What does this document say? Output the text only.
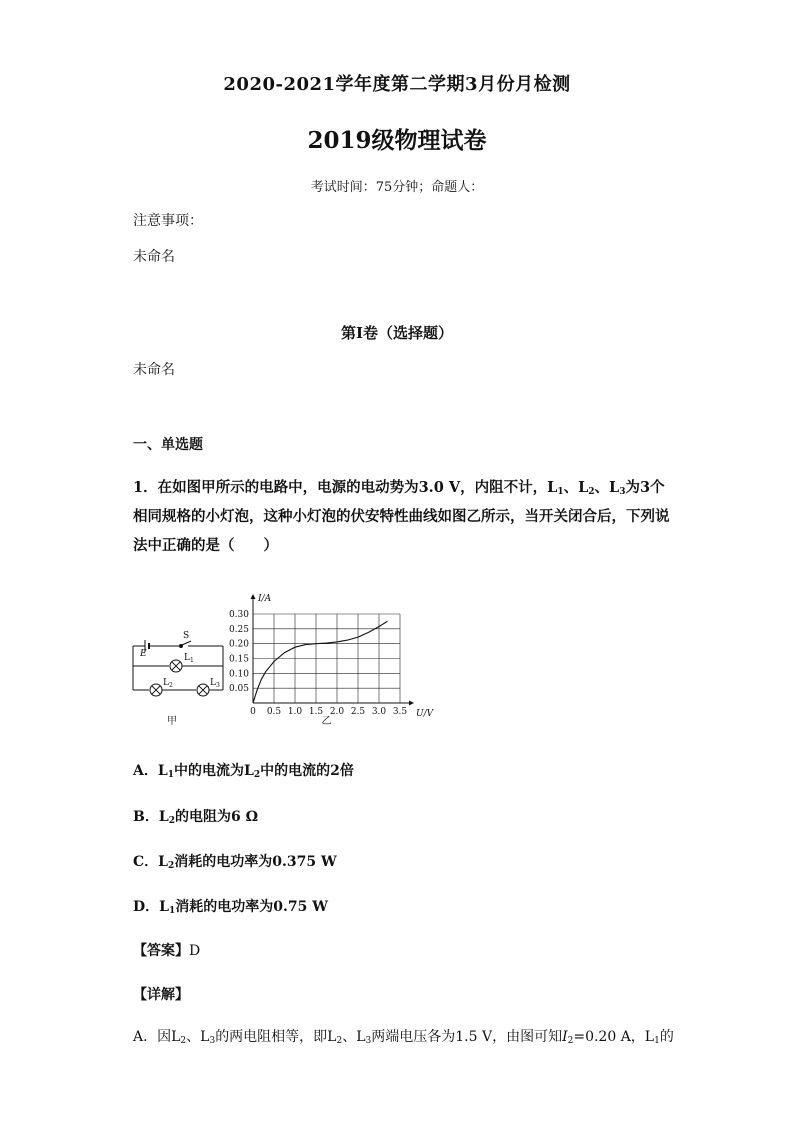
2020-2021学年度第二学期3月份月检测
2019级物理试卷
考试时间：75分钟；命题人：
注意事项：
未命名
第I卷（选择题）
未命名
一、单选题
1．在如图甲所示的电路中，电源的电动势为3.0 V，内阻不计，$L_1$、$L_2$、$L_3$为3个相同规格的小灯泡，这种小灯泡的伏安特性曲线如图乙所示，当开关闭合后，下列说法中正确的是（　　）
E
S
$L_1$
$L_2$	$L_3$
甲
0 0.5 1.0 1.5 2.0 2.5 3.0 3.5
0.05
0.10
0.15
0.20
0.25
0.30
U/V
I/A
乙
A．$L_1$中的电流为$L_2$中的电流的2倍
B．$L_2$的电阻为6 Ω
C．$L_2$消耗的电功率为0.375 W
D．$L_1$消耗的电功率为0.75 W
【答案】D
【详解】
A．因$L_2$、$L_3$的两电阻相等，即$L_2$、$L_3$两端电压各为1.5 V，由图可知$I_2=0.20$ A，$L_1$的
